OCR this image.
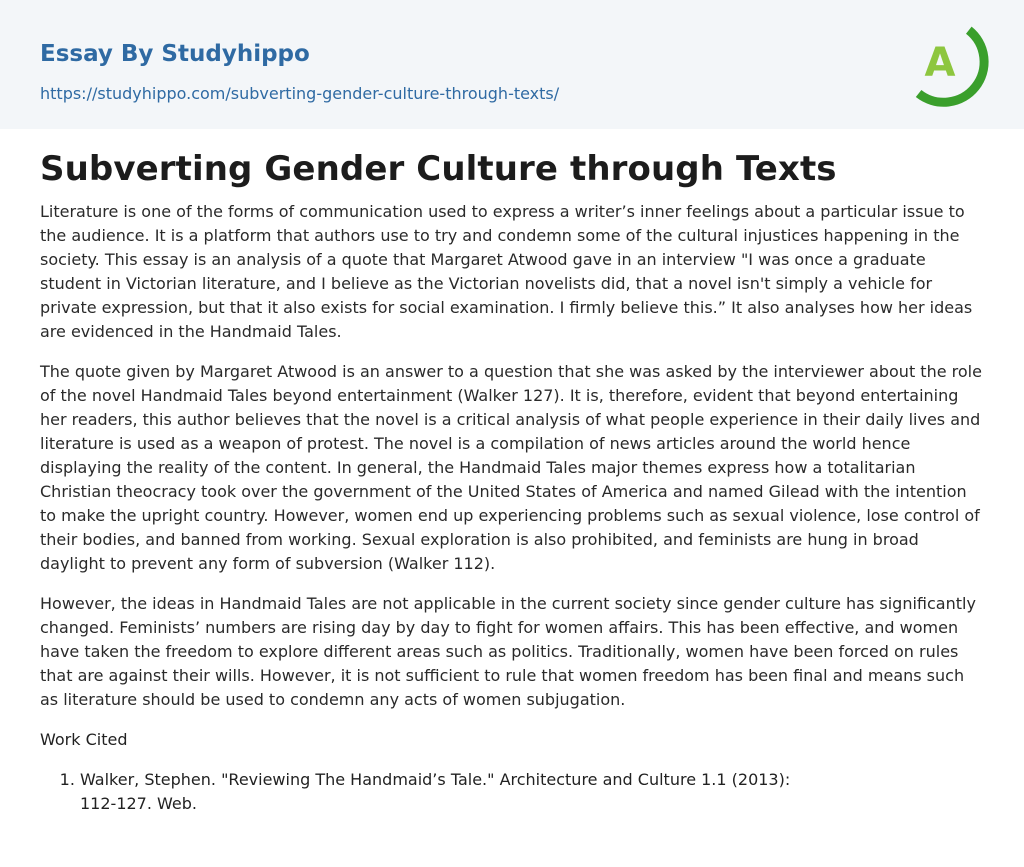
Essay By Studyhippo
https://studyhippo.com/subverting-gender-culture-through-texts/
A
Subverting Gender Culture through Texts

Literature is one of the forms of communication used to express a writer’s inner feelings about a particular issue to the audience. It is a platform that authors use to try and condemn some of the cultural injustices happening in the society. This essay is an analysis of a quote that Margaret Atwood gave in an interview "I was once a graduate student in Victorian literature, and I believe as the Victorian novelists did, that a novel isn't simply a vehicle for private expression, but that it also exists for social examination. I firmly believe this.” It also analyses how her ideas are evidenced in the Handmaid Tales.

The quote given by Margaret Atwood is an answer to a question that she was asked by the interviewer about the role of the novel Handmaid Tales beyond entertainment (Walker 127). It is, therefore, evident that beyond entertaining her readers, this author believes that the novel is a critical analysis of what people experience in their daily lives and literature is used as a weapon of protest. The novel is a compilation of news articles around the world hence displaying the reality of the content. In general, the Handmaid Tales major themes express how a totalitarian Christian theocracy took over the government of the United States of America and named Gilead with the intention to make the upright country. However, women end up experiencing problems such as sexual violence, lose control of their bodies, and banned from working. Sexual exploration is also prohibited, and feminists are hung in broad daylight to prevent any form of subversion (Walker 112).

However, the ideas in Handmaid Tales are not applicable in the current society since gender culture has significantly changed. Feminists’ numbers are rising day by day to fight for women affairs. This has been effective, and women have taken the freedom to explore different areas such as politics. Traditionally, women have been forced on rules that are against their wills. However, it is not sufficient to rule that women freedom has been final and means such as literature should be used to condemn any acts of women subjugation.

Work Cited
1. Walker, Stephen. "Reviewing The Handmaid’s Tale." Architecture and Culture 1.1 (2013): 112-127. Web.
